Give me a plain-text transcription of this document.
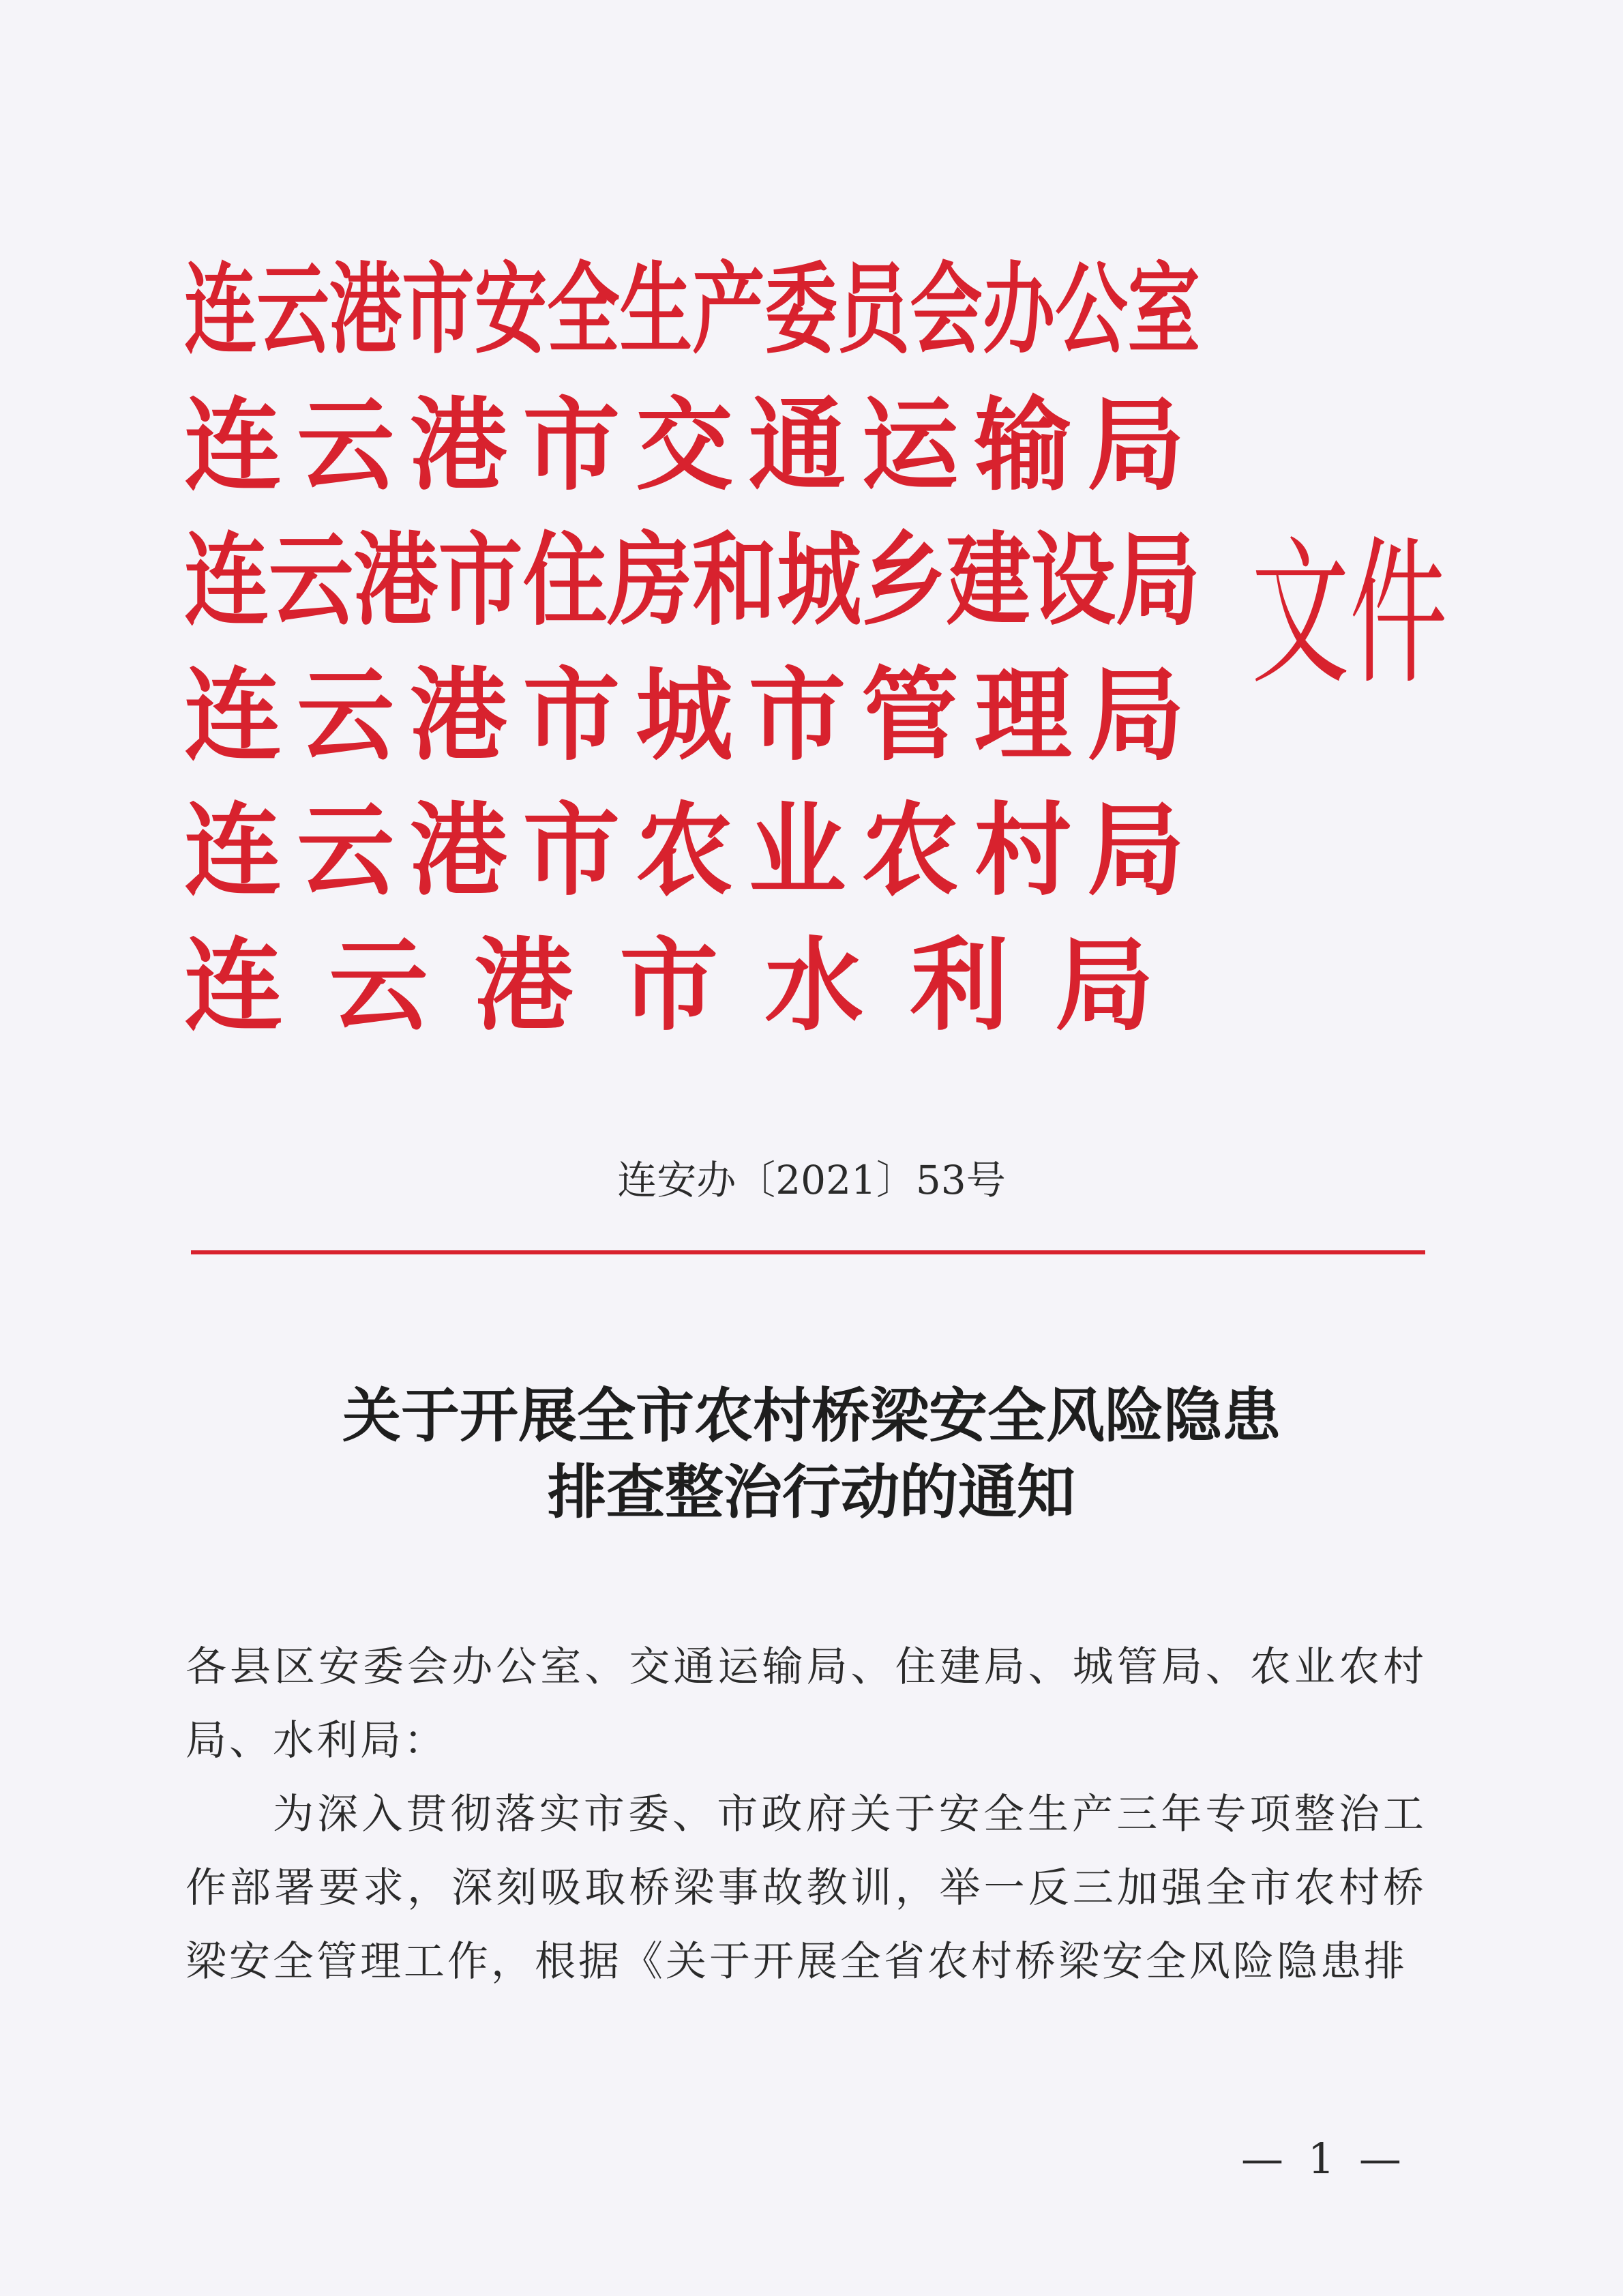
连云港市安全生产委员会办公室
连云港市交通运输局
连云港市住房和城乡建设局
连云港市城市管理局
连云港市农业农村局
连云港市水利局
文件
连安办〔2021〕53号
关于开展全市农村桥梁安全风险隐患
排查整治行动的通知

各县区安委会办公室、交通运输局、住建局、城管局、农业农村局、水利局：

为深入贯彻落实市委、市政府关于安全生产三年专项整治工作部署要求，深刻吸取桥梁事故教训，举一反三加强全市农村桥梁安全管理工作，根据《关于开展全省农村桥梁安全风险隐患排

— 1 —
